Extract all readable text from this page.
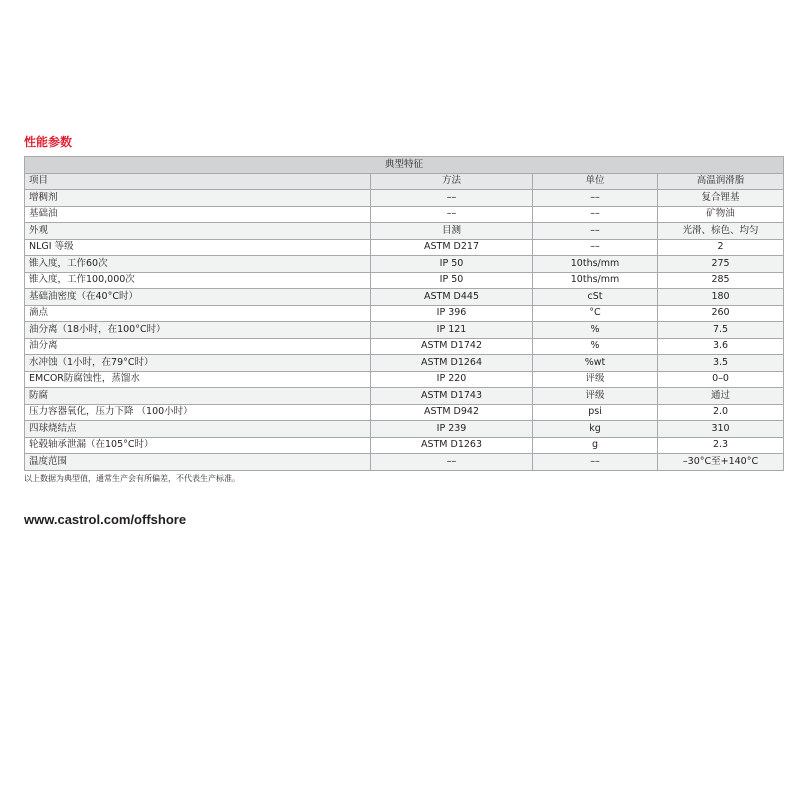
性能参数
典型特征			
项目	方法	单位	高温润滑脂
增稠剂	––	––	复合锂基
基础油	––	––	矿物油
外观	目测	––	光滑、棕色、均匀
NLGI 等级	ASTM D217	––	2
锥入度，工作60次	IP 50	10ths/mm	275
锥入度，工作100,000次	IP 50	10ths/mm	285
基础油密度（在40°C时）	ASTM D445	cSt	180
滴点	IP 396	°C	260
油分离（18小时，在100°C时）	IP 121	%	7.5
油分离	ASTM D1742	%	3.6
水冲蚀（1小时，在79°C时）	ASTM D1264	%wt	3.5
EMCOR防腐蚀性，蒸馏水	IP 220	评级	0–0
防腐	ASTM D1743	评级	通过
压力容器氧化，压力下降 （100小时）	ASTM D942	psi	2.0
四球烧结点	IP 239	kg	310
轮毂轴承泄漏（在105°C时）	ASTM D1263	g	2.3
温度范围	––	––	–30°C至+140°C
以上数据为典型值，通常生产会有所偏差，不代表生产标准。
www.castrol.com/offshore
